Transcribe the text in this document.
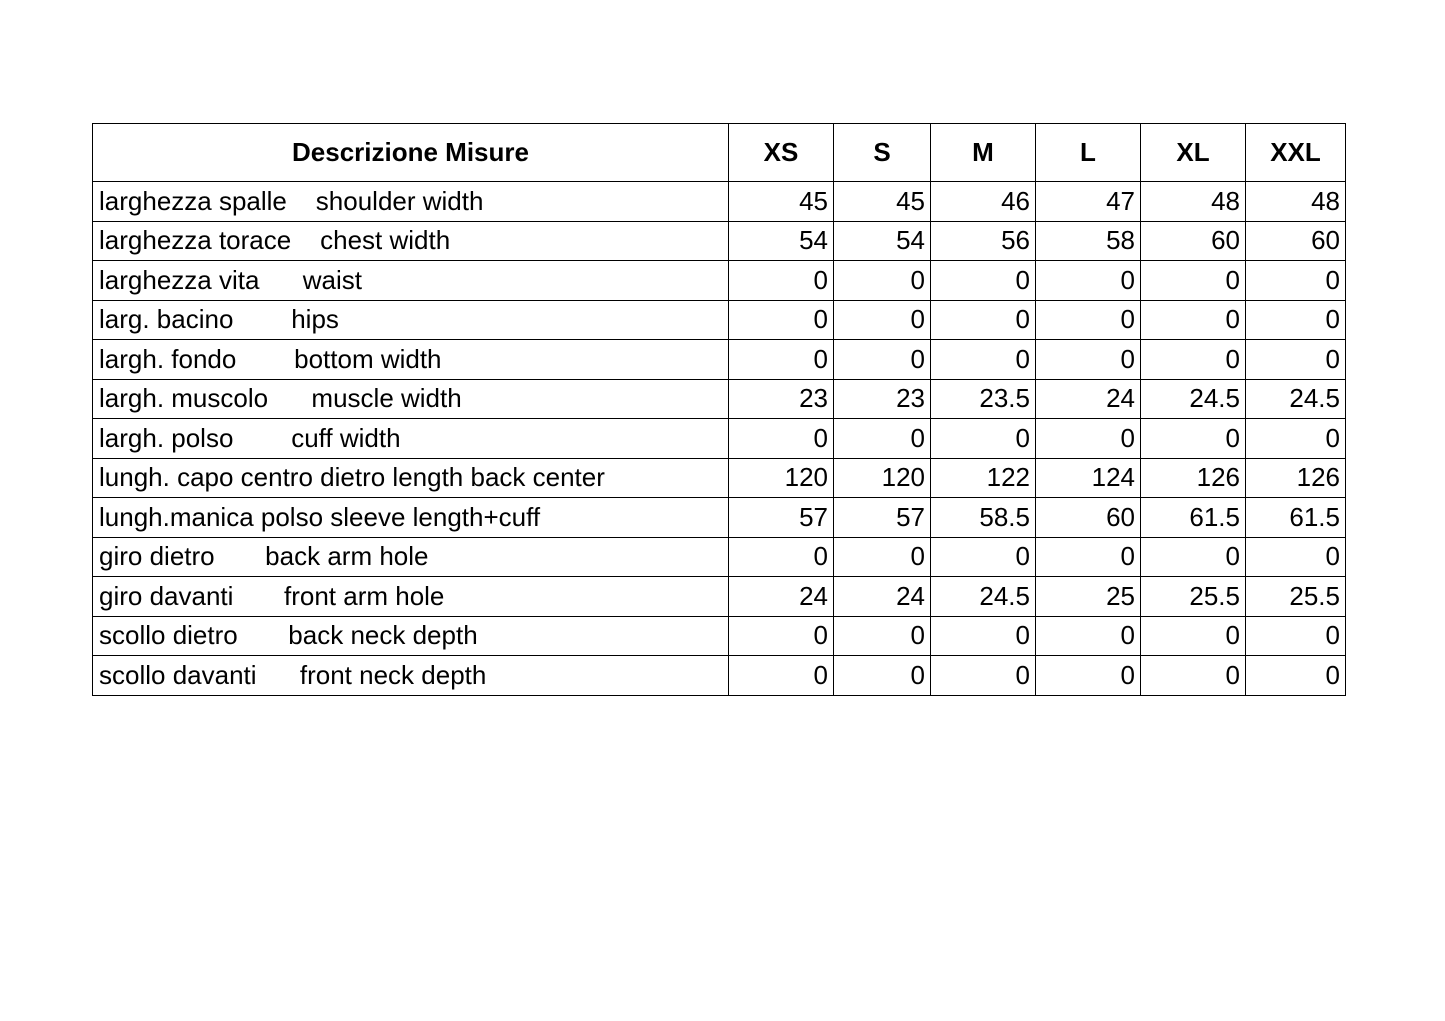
Descrizione Misure	XS	S	M	L	XL	XXL
larghezza spalle    shoulder width	45	45	46	47	48	48
larghezza torace    chest width	54	54	56	58	60	60
larghezza vita      waist	0	0	0	0	0	0
larg. bacino        hips	0	0	0	0	0	0
largh. fondo        bottom width	0	0	0	0	0	0
largh. muscolo      muscle width	23	23	23.5	24	24.5	24.5
largh. polso        cuff width	0	0	0	0	0	0
lungh. capo centro dietro length back center	120	120	122	124	126	126
lungh.manica polso sleeve length+cuff	57	57	58.5	60	61.5	61.5
giro dietro       back arm hole	0	0	0	0	0	0
giro davanti       front arm hole	24	24	24.5	25	25.5	25.5
scollo dietro       back neck depth	0	0	0	0	0	0
scollo davanti      front neck depth	0	0	0	0	0	0
